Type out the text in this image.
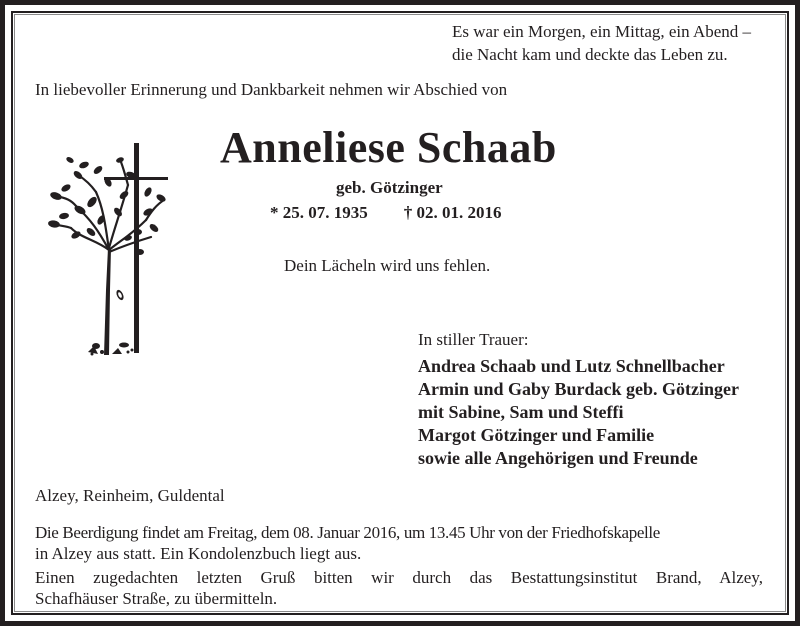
Es war ein Morgen, ein Mittag, ein Abend –
die Nacht kam und deckte das Leben zu.
In liebevoller Erinnerung und Dankbarkeit nehmen wir Abschied von
Anneliese Schaab
geb. Götzinger
* 25. 07. 1935 † 02. 01. 2016
Dein Lächeln wird uns fehlen.
In stiller Trauer:
Andrea Schaab und Lutz Schnellbacher
Armin und Gaby Burdack geb. Götzinger
mit Sabine, Sam und Steffi
Margot Götzinger und Familie
sowie alle Angehörigen und Freunde
Alzey, Reinheim, Guldental
Die Beerdigung findet am Freitag, dem 08. Januar 2016, um 13.45 Uhr von der Friedhofskapelle
in Alzey aus statt. Ein Kondolenzbuch liegt aus.
Einen zugedachten letzten Gruß bitten wir durch das Bestattungsinstitut Brand, Alzey,
Schafhäuser Straße, zu übermitteln.
